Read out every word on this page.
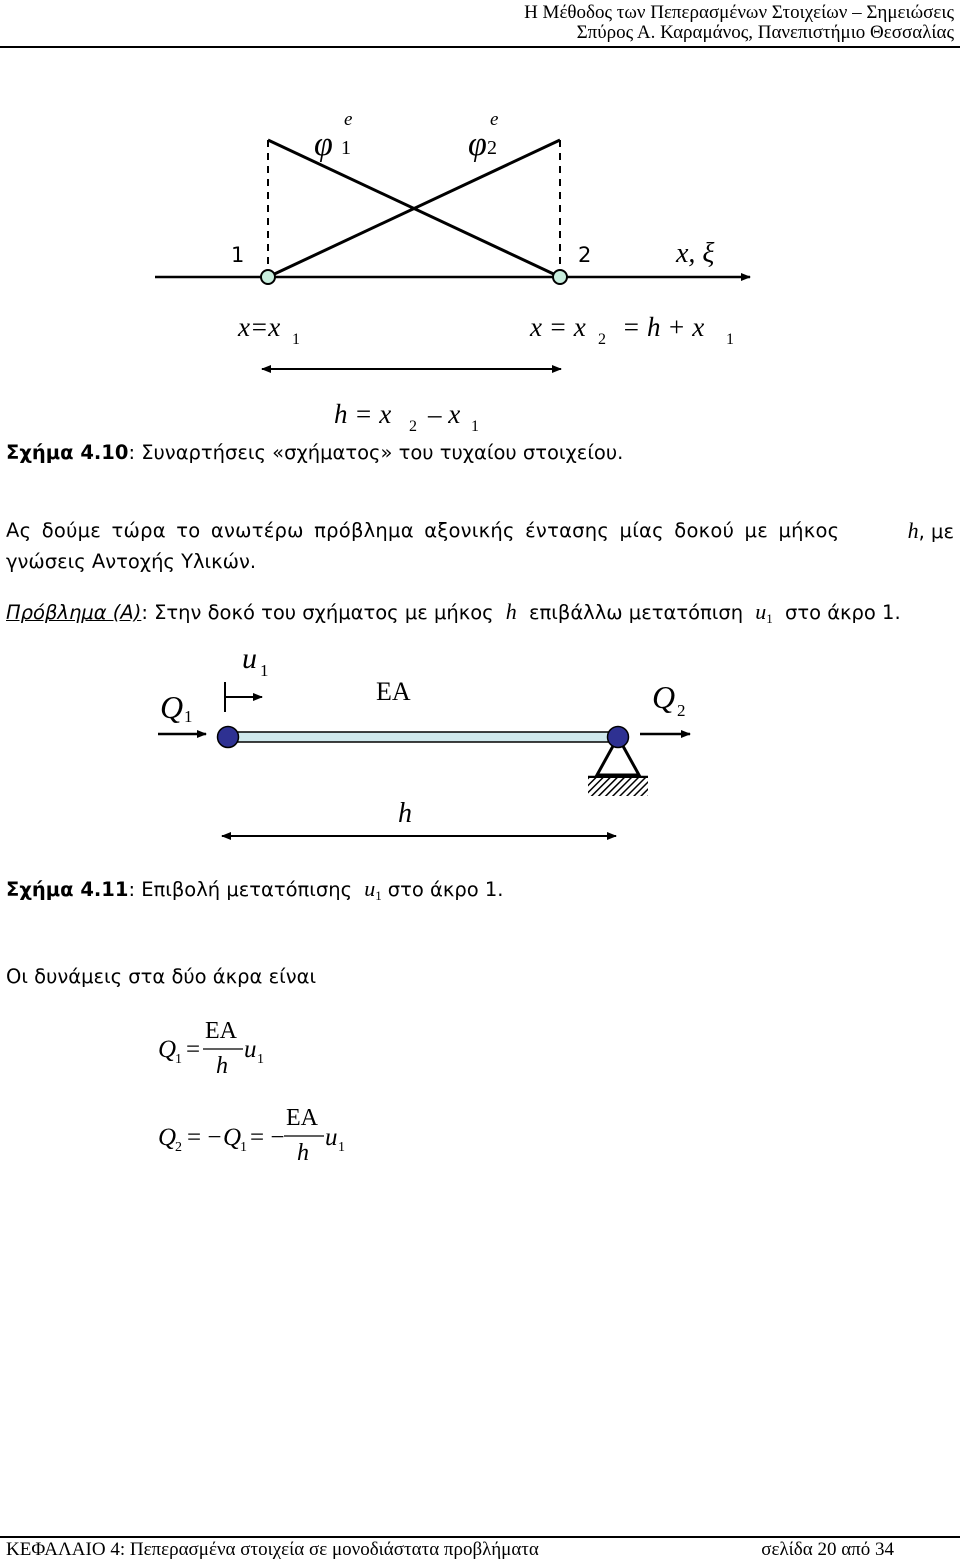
Η Μέθοδος των Πεπερασμένων Στοιχείων – Σημειώσεις
Σπύρος Α. Καραμάνος, Πανεπιστήμιο Θεσσαλίας
φ 1
e
φ 2
e
1	2	x, ξ
x=x 1	x = x 2 = h + x 1
h = x 2 – x 1
Σχήμα 4.10: Συναρτήσεις «σχήματος» του τυχαίου στοιχείου.
Ας δούμε τώρα το ανωτέρω πρόβλημα αξονικής έντασης μίας δοκού με μήκος	h, με
γνώσεις Αντοχής Υλικών.
Πρόβλημα (Α): Στην δοκό του σχήματος με μήκος h επιβάλλω μετατόπιση $u_1$ στο άκρο 1.
Q 1
u 1
EA	Q 2
h
Σχήμα 4.11: Επιβολή μετατόπισης $u_1$ στο άκρο 1.
Οι δυνάμεις στα δύο άκρα είναι
Q
1 =
EA
h
u 1
Q
2 = − Q
1 = −
EA
h
u 1
ΚΕΦΑΛΑΙΟ 4: Πεπερασμένα στοιχεία σε μονοδιάστατα προβλήματα	σελίδα 20 από 34
